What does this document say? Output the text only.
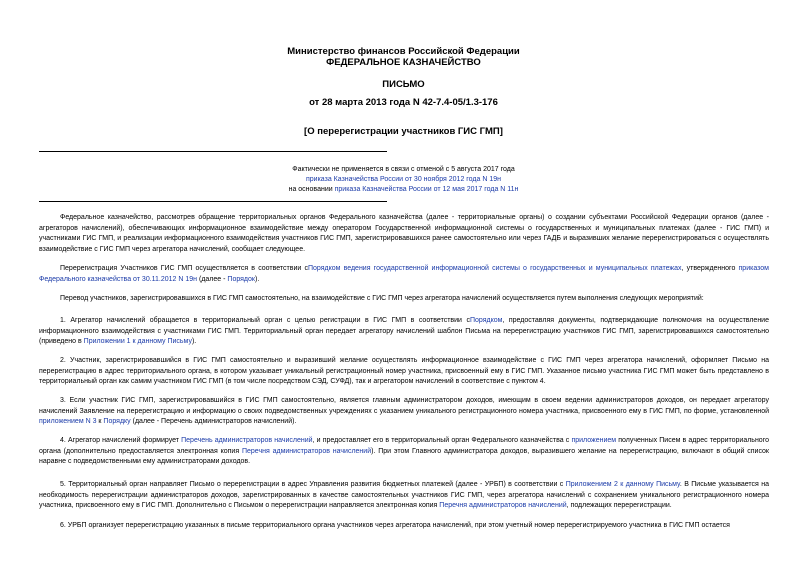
Министерство финансов Российской Федерации
ФЕДЕРАЛЬНОЕ КАЗНАЧЕЙСТВО
ПИСЬМО
от 28 марта 2013 года N 42-7.4-05/1.3-176
[О перерегистрации участников ГИС ГМП]
Фактически не применяется в связи с отменой с 5 августа 2017 года
приказа Казначейства России от 30 ноября 2012 года N 19н
на основании приказа Казначейства России от 12 мая 2017 года N 11н

Федеральное казначейство, рассмотрев обращение территориальных органов Федерального казначейства (далее - территориальные органы) о создании субъектами Российской Федерации органов (далее - агрегаторов начислений), обеспечивающих информационное взаимодействие между оператором Государственной информационной системы о государственных и муниципальных платежах (далее - ГИС ГМП) и участниками ГИС ГМП, и реализации информационного взаимодействия участников ГИС ГМП, зарегистрировавшихся ранее самостоятельно или через ГАДБ и выразивших желание перерегистрироваться с осуществлять взаимодействие с ГИС ГМП через агрегатора начислений, сообщает следующее.

Перерегистрация Участников ГИС ГМП осуществляется в соответствии сПорядком ведения государственной информационной системы о государственных и муниципальных платежах, утвержденного приказом Федерального казначейства от 30.11.2012 N 19н (далее - Порядок).

Перевод участников, зарегистрировавшихся в ГИС ГМП самостоятельно, на взаимодействие с ГИС ГМП через агрегатора начислений осуществляется путем выполнения следующих мероприятий:

1. Агрегатор начислений обращается в территориальный орган с целью регистрации в ГИС ГМП в соответствии сПорядком, предоставляя документы, подтверждающие полномочия на осуществление информационного взаимодействия с участниками ГИС ГМП. Территориальный орган передает агрегатору начислений шаблон Письма на перерегистрацию участников ГИС ГМП, зарегистрировавшихся самостоятельно (приведено в Приложении 1 к данному Письму).

2. Участник, зарегистрировавшийся в ГИС ГМП самостоятельно и выразивший желание осуществлять информационное взаимодействие с ГИС ГМП через агрегатора начислений, оформляет Письмо на перерегистрацию в адрес территориального органа, в котором указывает уникальный регистрационный номер участника, присвоенный ему в ГИС ГМП. Указанное письмо участника ГИС ГМП может быть представлено в территориальный орган как самим участником ГИС ГМП (в том числе посредством СЭД, СУФД), так и агрегатором начислений в соответствие с пунктом 4.

3. Если участник ГИС ГМП, зарегистрировавшийся в ГИС ГМП самостоятельно, является главным администратором доходов, имеющим в своем ведении администраторов доходов, он передает агрегатору начислений Заявление на перерегистрацию и информацию о своих подведомственных учреждениях с указанием уникального регистрационного номера участника, присвоенного ему в ГИС ГМП, по форме, установленной приложением N 3 к Порядку (далее - Перечень администраторов начислений).

4. Агрегатор начислений формирует Перечень администраторов начислений, и предоставляет его в территориальный орган Федерального казначейства с приложением полученных Писем в адрес территориального органа (дополнительно предоставляется электронная копия Перечня администраторов начислений). При этом Главного администратора доходов, выразившего желание на перерегистрацию, включают в общий список наравне с подведомственными ему администраторами доходов.

5. Территориальный орган направляет Письмо о перерегистрации в адрес Управления развития бюджетных платежей (далее - УРБП) в соответствии с Приложением 2 к данному Письму. В Письме указывается на необходимость перерегистрации администраторов доходов, зарегистрированных в качестве самостоятельных участников ГИС ГМП, через агрегатора начислений с сохранением уникального регистрационного номера участника, присвоенного ему в ГИС ГМП. Дополнительно с Письмом о перерегистрации направляется электронная копия Перечня администраторов начислений, подлежащих перерегистрации.

6. УРБП организует перерегистрацию указанных в письме территориального органа участников через агрегатора начислений, при этом учетный номер перерегистрируемого участника в ГИС ГМП остается
